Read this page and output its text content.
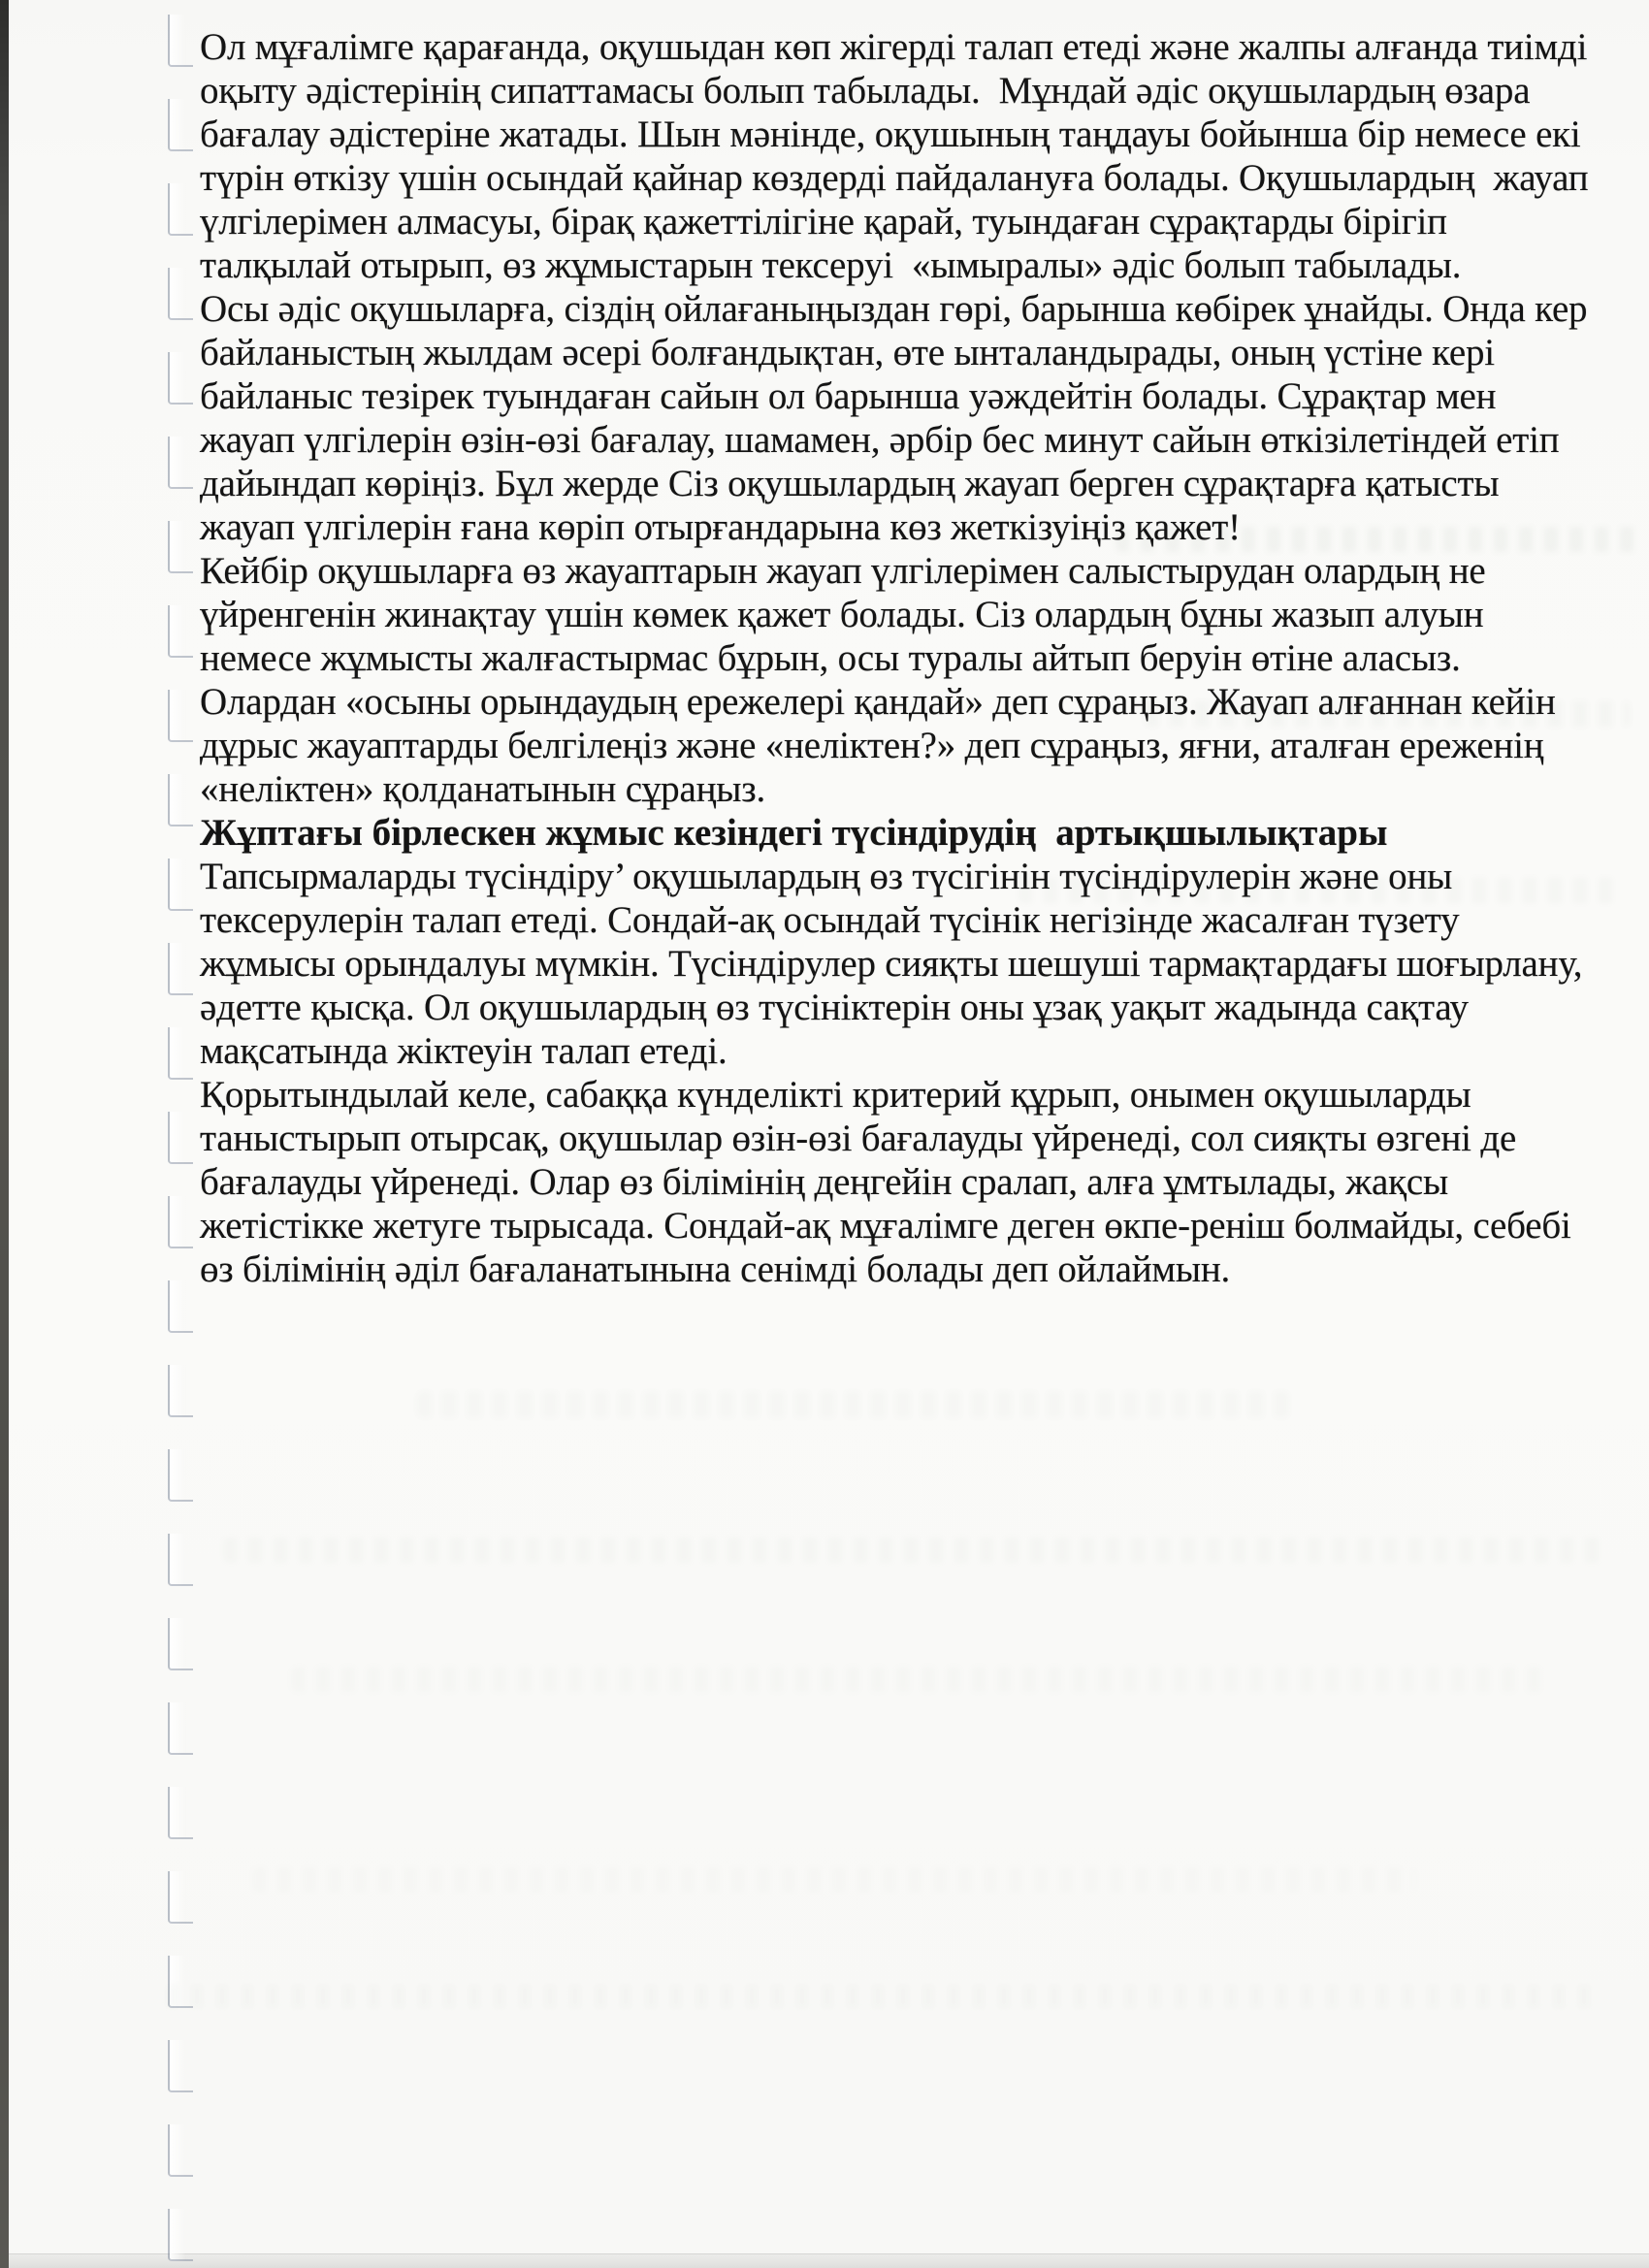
Ол мұғалімге қарағанда, оқушыдан көп жігерді талап етеді және жалпы алғанда тиімді
оқыту әдістерінің сипаттамасы болып табылады.  Мұндай әдіс оқушылардың өзара
бағалау әдістеріне жатады. Шын мәнінде, оқушының таңдауы бойынша бір немесе екі
түрін өткізу үшін осындай қайнар көздерді пайдалануға болады. Оқушылардың  жауап
үлгілерімен алмасуы, бірақ қажеттілігіне қарай, туындаған сұрақтарды бірігіп
талқылай отырып, өз жұмыстарын тексеруі  «ымыралы» әдіс болып табылады.
Осы әдіс оқушыларға, сіздің ойлағаныңыздан гөрі, барынша көбірек ұнайды. Онда кер
байланыстың жылдам әсері болғандықтан, өте ынталандырады, оның үстіне кері
байланыс тезірек туындаған сайын ол барынша уәждейтін болады. Сұрақтар мен
жауап үлгілерін өзін-өзі бағалау, шамамен, әрбір бес минут сайын өткізілетіндей етіп
дайындап көріңіз. Бұл жерде Сіз оқушылардың жауап берген сұрақтарға қатысты
жауап үлгілерін ғана көріп отырғандарына көз жеткізуіңіз қажет!
Кейбір оқушыларға өз жауаптарын жауап үлгілерімен салыстырудан олардың не
үйренгенін жинақтау үшін көмек қажет болады. Сіз олардың бұны жазып алуын
немесе жұмысты жалғастырмас бұрын, осы туралы айтып беруін өтіне аласыз.
Олардан «осыны орындаудың ережелері қандай» деп сұраңыз. Жауап алғаннан кейін
дұрыс жауаптарды белгілеңіз және «неліктен?» деп сұраңыз, яғни, аталған ереженің
«неліктен» қолданатынын сұраңыз.
Жұптағы бірлескен жұмыс кезіндегі түсіндірудің  артықшылықтары
Тапсырмаларды түсіндіру’ оқушылардың өз түсігінін түсіндірулерін және оны
тексерулерін талап етеді. Сондай-ақ осындай түсінік негізінде жасалған түзету
жұмысы орындалуы мүмкін. Түсіндірулер сияқты шешуші тармақтардағы шоғырлану,
әдетте қысқа. Ол оқушылардың өз түсініктерін оны ұзақ уақыт жадында сақтау
мақсатында жіктеуін талап етеді.
Қорытындылай келе, сабаққа күнделікті критерий құрып, онымен оқушыларды
таныстырып отырсақ, оқушылар өзін-өзі бағалауды үйренеді, сол сияқты өзгені де
бағалауды үйренеді. Олар өз білімінің деңгейін сралап, алға ұмтылады, жақсы
жетістікке жетуге тырысада. Сондай-ақ мұғалімге деген өкпе-реніш болмайды, себебі
өз білімінің әділ бағаланатынына сенімді болады деп ойлаймын.
